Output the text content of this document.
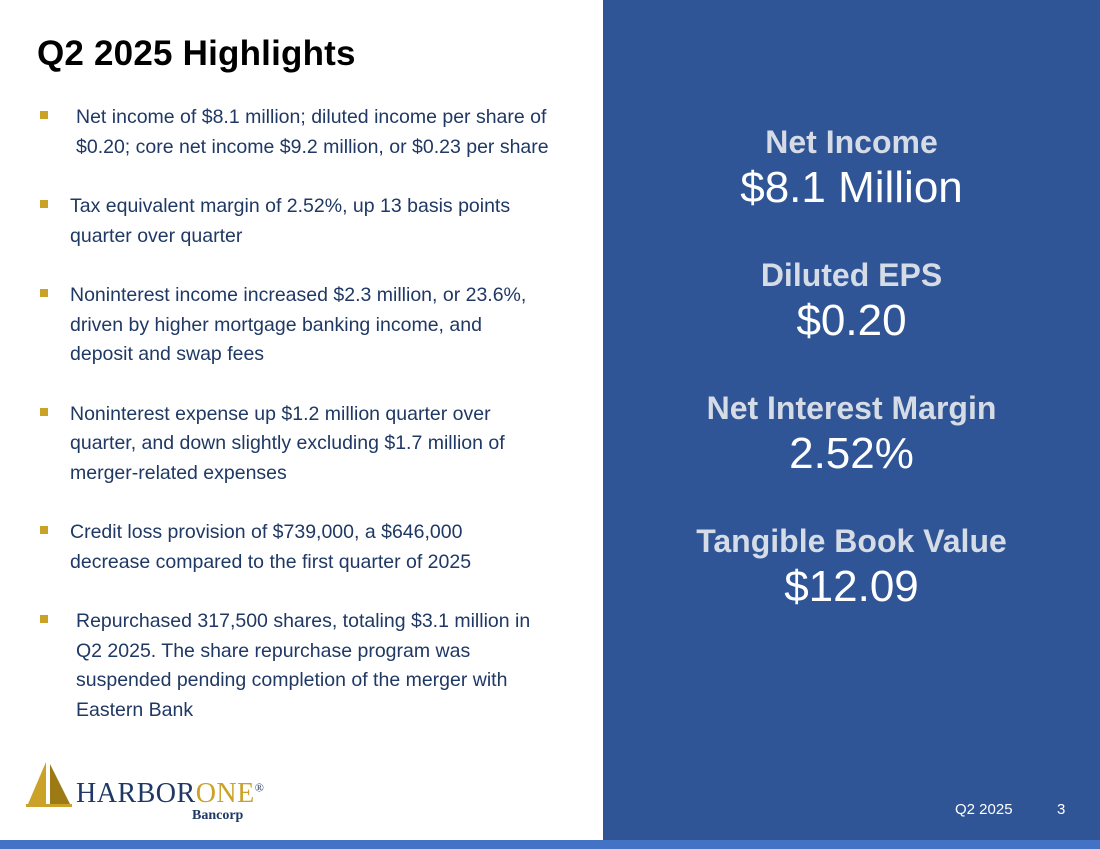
Q2 2025 Highlights
Net income of $8.1 million; diluted income per share of $0.20; core net income $9.2 million, or $0.23 per share
Tax equivalent margin of 2.52%, up 13 basis points quarter over quarter
Noninterest income increased $2.3 million, or 23.6%, driven by higher mortgage banking income, and deposit and swap fees
Noninterest expense up $1.2 million quarter over quarter, and down slightly excluding $1.7 million of merger-related expenses
Credit loss provision of $739,000, a $646,000 decrease compared to the first quarter of 2025
Repurchased 317,500 shares, totaling $3.1 million in Q2 2025. The share repurchase program was suspended pending completion of the merger with Eastern Bank
Net Income
$8.1 Million
Diluted EPS
$0.20
Net Interest Margin
2.52%
Tangible Book Value
$12.09
Q2 2025	3
HARBORONE®
Bancorp
